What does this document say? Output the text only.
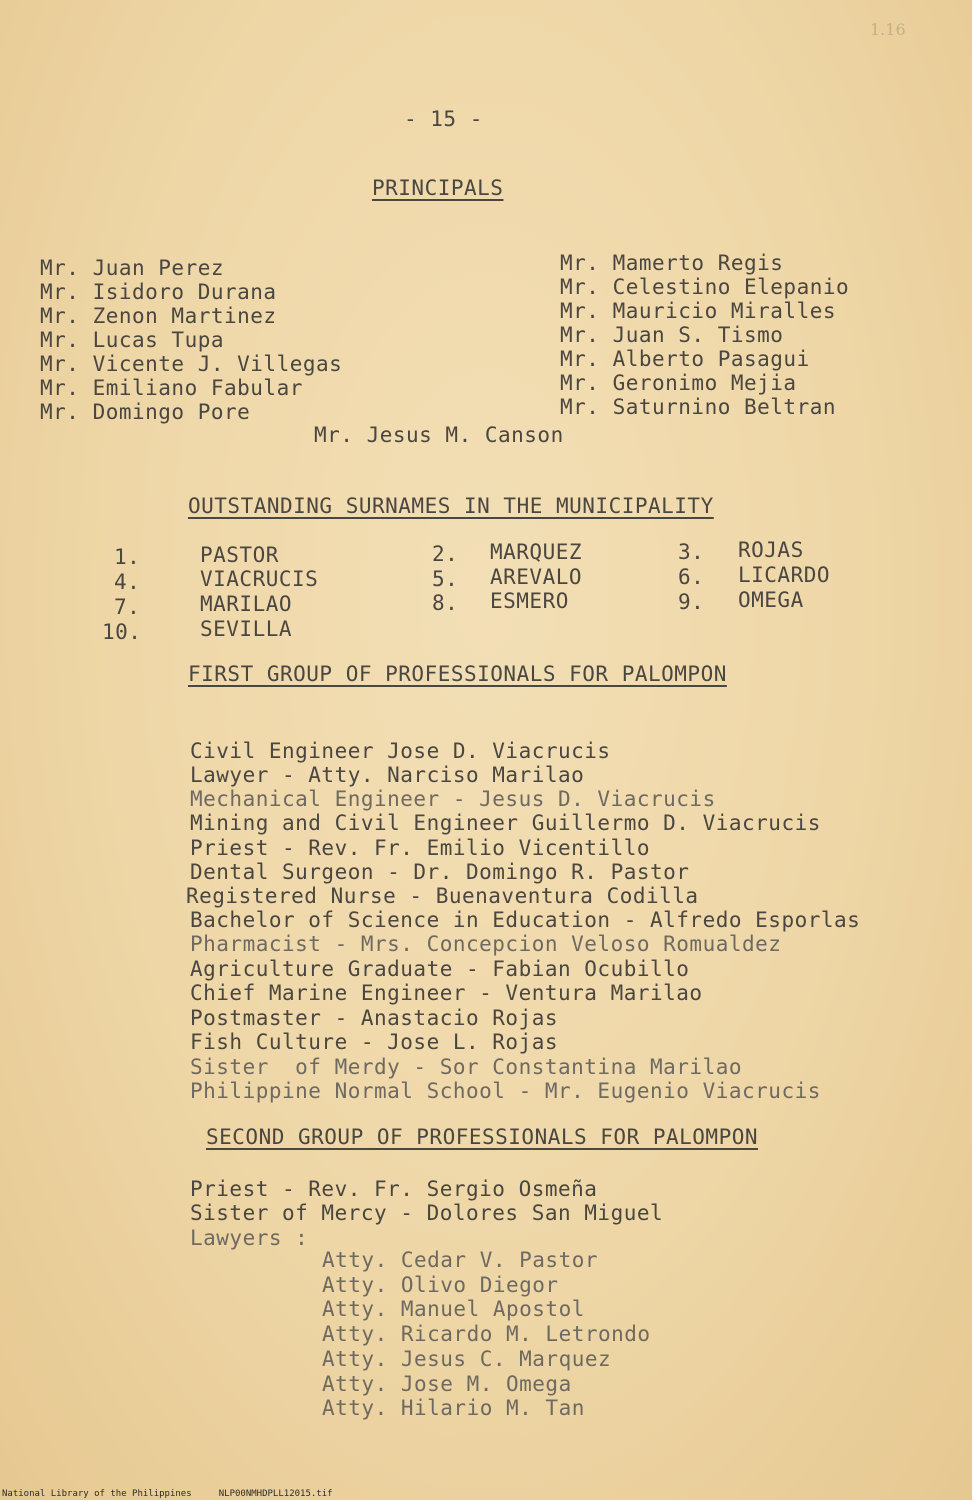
1.16
- 15 -
PRINCIPALS
Mr. Juan Perez
Mr. Isidoro Durana
Mr. Zenon Martinez
Mr. Lucas Tupa
Mr. Vicente J. Villegas
Mr. Emiliano Fabular
Mr. Domingo Pore
Mr. Mamerto Regis
Mr. Celestino Elepanio
Mr. Mauricio Miralles
Mr. Juan S. Tismo
Mr. Alberto Pasagui
Mr. Geronimo Mejia
Mr. Saturnino Beltran
Mr. Jesus M. Canson
OUTSTANDING SURNAMES IN THE MUNICIPALITY
1.	PASTOR	2. MARQUEZ	3. ROJAS
4.	VIACRUCIS	5. AREVALO	6. LICARDO
7.	MARILAO	8. ESMERO	9. OMEGA
10.	SEVILLA
FIRST GROUP OF PROFESSIONALS FOR PALOMPON
Civil Engineer Jose D. Viacrucis
Lawyer - Atty. Narciso Marilao
Mechanical Engineer - Jesus D. Viacrucis
Mining and Civil Engineer Guillermo D. Viacrucis
Priest - Rev. Fr. Emilio Vicentillo
Dental Surgeon - Dr. Domingo R. Pastor
Registered Nurse - Buenaventura Codilla
Bachelor of Science in Education - Alfredo Esporlas
Pharmacist - Mrs. Concepcion Veloso Romualdez
Agriculture Graduate - Fabian Ocubillo
Chief Marine Engineer - Ventura Marilao
Postmaster - Anastacio Rojas
Fish Culture - Jose L. Rojas
Sister  of Merdy - Sor Constantina Marilao
Philippine Normal School - Mr. Eugenio Viacrucis
SECOND GROUP OF PROFESSIONALS FOR PALOMPON
Priest - Rev. Fr. Sergio Osmeña
Sister of Mercy - Dolores San Miguel
Lawyers :
Atty. Cedar V. Pastor
Atty. Olivo Diegor
Atty. Manuel Apostol
Atty. Ricardo M. Letrondo
Atty. Jesus C. Marquez
Atty. Jose M. Omega
Atty. Hilario M. Tan
National Library of the Philippines	NLP00NMHDPLL12015.tif
